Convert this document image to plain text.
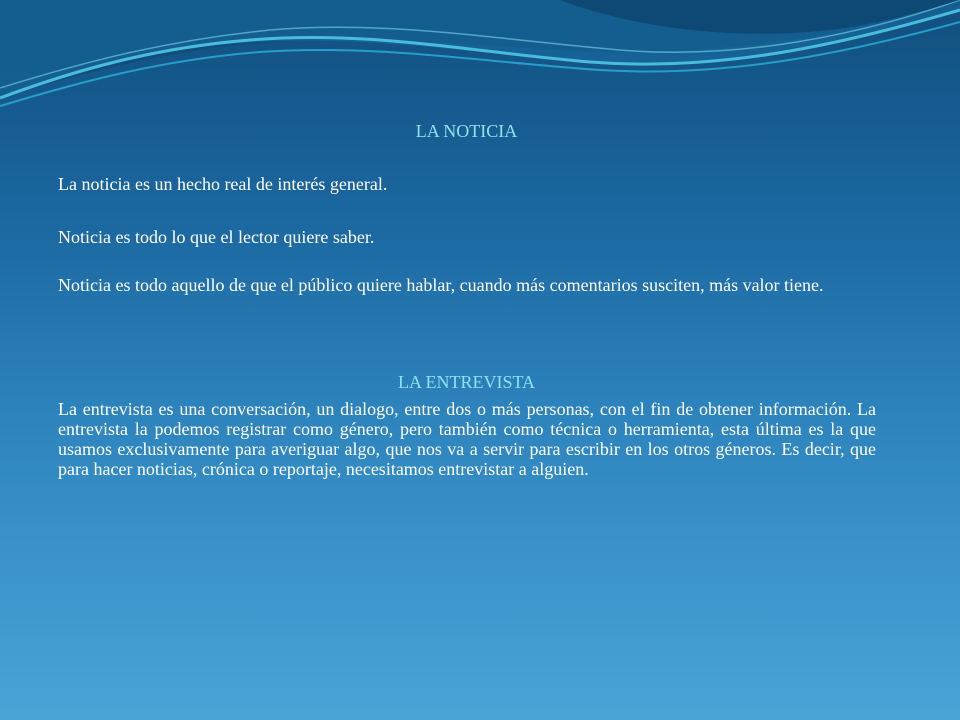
LA NOTICIA

La noticia es un hecho real de interés general.

Noticia es todo lo que el lector quiere saber.

Noticia es todo aquello de que el público quiere hablar, cuando más comentarios susciten, más valor tiene.

LA ENTREVISTA

La entrevista es una conversación, un dialogo, entre dos o más personas, con el fin de obtener información. La entrevista la podemos registrar como género, pero también como técnica o herramienta, esta última es la que usamos exclusivamente para averiguar algo, que nos va a servir para escribir en los otros géneros. Es decir, que para hacer noticias, crónica o reportaje, necesitamos entrevistar a alguien.
